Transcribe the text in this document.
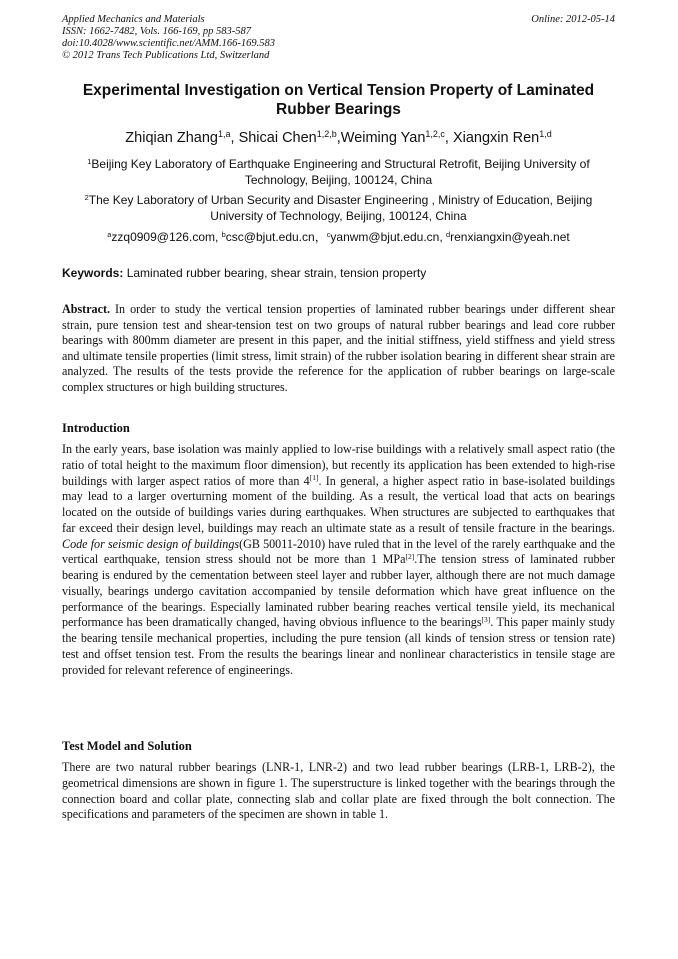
Applied Mechanics and Materials
ISSN: 1662-7482, Vols. 166-169, pp 583-587
doi:10.4028/www.scientific.net/AMM.166-169.583
© 2012 Trans Tech Publications Ltd, Switzerland
Online: 2012-05-14
Experimental Investigation on Vertical Tension Property of Laminated Rubber Bearings
Zhiqian Zhang$^{1,a}$, Shicai Chen$^{1,2,b}$,Weiming Yan$^{1,2,c}$, Xiangxin Ren$^{1,d}$
$^1$Beijing Key Laboratory of Earthquake Engineering and Structural Retrofit, Beijing University of Technology, Beijing, 100124, China
$^2$The Key Laboratory of Urban Security and Disaster Engineering , Ministry of Education, Beijing University of Technology, Beijing, 100124, China
$^a$zzq0909@126.com, $^b$csc@bjut.edu.cn，$^c$yanwm@bjut.edu.cn, $^d$renxiangxin@yeah.net
Keywords: Laminated rubber bearing, shear strain, tension property
Abstract. In order to study the vertical tension properties of laminated rubber bearings under different shear strain, pure tension test and shear-tension test on two groups of natural rubber bearings and lead core rubber bearings with 800mm diameter are present in this paper, and the initial stiffness, yield stiffness and yield stress and ultimate tensile properties (limit stress, limit strain) of the rubber isolation bearing in different shear strain are analyzed. The results of the tests provide the reference for the application of rubber bearings on large-scale complex structures or high building structures.
Introduction
In the early years, base isolation was mainly applied to low-rise buildings with a relatively small aspect ratio (the ratio of total height to the maximum floor dimension), but recently its application has been extended to high-rise buildings with larger aspect ratios of more than 4[1]. In general, a higher aspect ratio in base-isolated buildings may lead to a larger overturning moment of the building. As a result, the vertical load that acts on bearings located on the outside of buildings varies during earthquakes. When structures are subjected to earthquakes that far exceed their design level, buildings may reach an ultimate state as a result of tensile fracture in the bearings. Code for seismic design of buildings(GB 50011-2010) have ruled that in the level of the rarely earthquake and the vertical earthquake, tension stress should not be more than 1 MPa[2].The tension stress of laminated rubber bearing is endured by the cementation between steel layer and rubber layer, although there are not much damage visually, bearings undergo cavitation accompanied by tensile deformation which have great influence on the performance of the bearings. Especially laminated rubber bearing reaches vertical tensile yield, its mechanical performance has been dramatically changed, having obvious influence to the bearings[3]. This paper mainly study the bearing tensile mechanical properties, including the pure tension (all kinds of tension stress or tension rate) test and offset tension test. From the results the bearings linear and nonlinear characteristics in tensile stage are provided for relevant reference of engineerings.
Test Model and Solution
There are two natural rubber bearings (LNR-1, LNR-2) and two lead rubber bearings (LRB-1, LRB-2), the geometrical dimensions are shown in figure 1. The superstructure is linked together with the bearings through the connection board and collar plate, connecting slab and collar plate are fixed through the bolt connection. The specifications and parameters of the specimen are shown in table 1.
